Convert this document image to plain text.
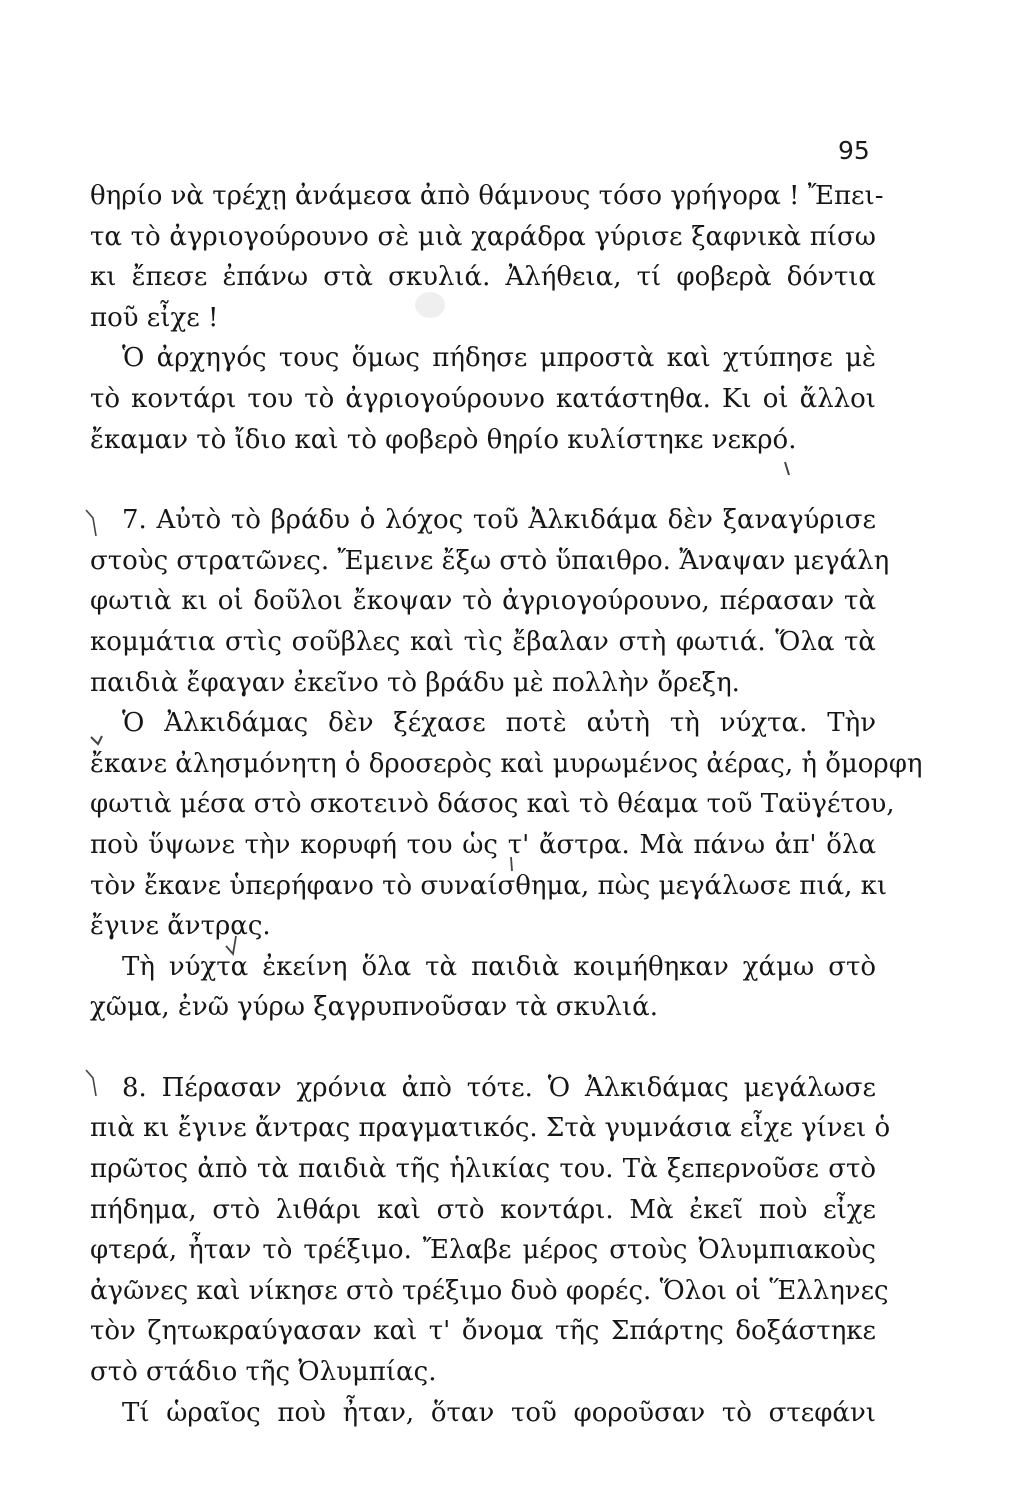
95
θηρίο νὰ τρέχῃ ἀνάμεσα ἀπὸ θάμνους τόσο γρήγορα ! Ἔπει-
τα τὸ ἀγριογούρουνο σὲ μιὰ χαράδρα γύρισε ξαφνικὰ πίσω
κι ἔπεσε ἐπάνω στὰ σκυλιά. Ἀλήθεια, τί φοβερὰ δόντια
ποῦ εἶχε !
Ὁ ἀρχηγός τους ὅμως πήδησε μπροστὰ καὶ χτύπησε μὲ
τὸ κοντάρι του τὸ ἀγριογούρουνο κατάστηθα. Κι οἱ ἄλλοι
ἔκαμαν τὸ ἴδιο καὶ τὸ φοβερὸ θηρίο κυλίστηκε νεκρό.
7. Αὐτὸ τὸ βράδυ ὁ λόχος τοῦ Ἀλκιδάμα δὲν ξαναγύρισε
στοὺς στρατῶνες. Ἔμεινε ἔξω στὸ ὕπαιθρο. Ἄναψαν μεγάλη
φωτιὰ κι οἱ δοῦλοι ἔκοψαν τὸ ἀγριογούρουνο, πέρασαν τὰ
κομμάτια στὶς σοῦβλες καὶ τὶς ἔβαλαν στὴ φωτιά. Ὅλα τὰ
παιδιὰ ἔφαγαν ἐκεῖνο τὸ βράδυ μὲ πολλὴν ὄρεξη.
Ὁ Ἀλκιδάμας δὲν ξέχασε ποτὲ αὐτὴ τὴ νύχτα. Τὴν
ἔκανε ἀλησμόνητη ὁ δροσερὸς καὶ μυρωμένος ἀέρας, ἡ ὄμορφη
φωτιὰ μέσα στὸ σκοτεινὸ δάσος καὶ τὸ θέαμα τοῦ Ταϋγέτου,
ποὺ ὕψωνε τὴν κορυφή του ὡς τ' ἄστρα. Μὰ πάνω ἀπ' ὅλα
τὸν ἔκανε ὑπερήφανο τὸ συναίσθημα, πὼς μεγάλωσε πιά, κι
ἔγινε ἄντρας.
Τὴ νύχτα ἐκείνη ὅλα τὰ παιδιὰ κοιμήθηκαν χάμω στὸ
χῶμα, ἐνῶ γύρω ξαγρυπνοῦσαν τὰ σκυλιά.
8. Πέρασαν χρόνια ἀπὸ τότε. Ὁ Ἀλκιδάμας μεγάλωσε
πιὰ κι ἔγινε ἄντρας πραγματικός. Στὰ γυμνάσια εἶχε γίνει ὁ
πρῶτος ἀπὸ τὰ παιδιὰ τῆς ἡλικίας του. Τὰ ξεπερνοῦσε στὸ
πήδημα, στὸ λιθάρι καὶ στὸ κοντάρι. Μὰ ἐκεῖ ποὺ εἶχε
φτερά, ἦταν τὸ τρέξιμο. Ἔλαβε μέρος στοὺς Ὀλυμπιακοὺς
ἀγῶνες καὶ νίκησε στὸ τρέξιμο δυὸ φορές. Ὅλοι οἱ Ἕλληνες
τὸν ζητωκραύγασαν καὶ τ' ὄνομα τῆς Σπάρτης δοξάστηκε
στὸ στάδιο τῆς Ὀλυμπίας.
Τί ὡραῖος ποὺ ἦταν, ὅταν τοῦ φοροῦσαν τὸ στεφάνι
